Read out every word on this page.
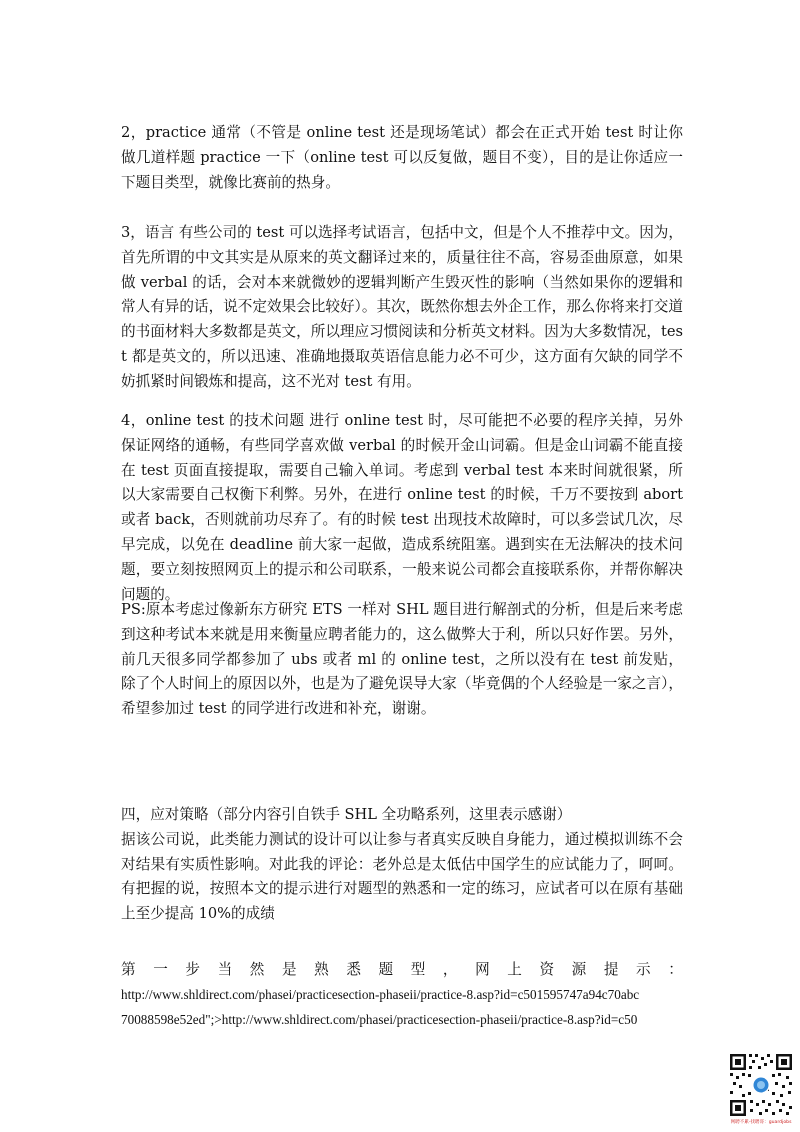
2，practice 通常（不管是 online test 还是现场笔试）都会在正式开始 test 时让你做几道样题 practice 一下（online test 可以反复做，题目不变），目的是让你适应一下题目类型，就像比赛前的热身。

3，语言 有些公司的 test 可以选择考试语言，包括中文，但是个人不推荐中文。因为，首先所谓的中文其实是从原来的英文翻译过来的，质量往往不高，容易歪曲原意，如果做 verbal 的话，会对本来就微妙的逻辑判断产生毁灭性的影响（当然如果你的逻辑和常人有异的话，说不定效果会比较好）。其次，既然你想去外企工作，那么你将来打交道的书面材料大多数都是英文，所以理应习惯阅读和分析英文材料。因为大多数情况，test 都是英文的，所以迅速、准确地摄取英语信息能力必不可少，这方面有欠缺的同学不妨抓紧时间锻炼和提高，这不光对 test 有用。

4，online test 的技术问题 进行 online test 时，尽可能把不必要的程序关掉，另外保证网络的通畅，有些同学喜欢做 verbal 的时候开金山词霸。但是金山词霸不能直接在 test 页面直接提取，需要自己输入单词。考虑到 verbal test 本来时间就很紧，所以大家需要自己权衡下利弊。另外，在进行 online test 的时候，千万不要按到 abort 或者 back，否则就前功尽弃了。有的时候 test 出现技术故障时，可以多尝试几次，尽早完成，以免在 deadline 前大家一起做，造成系统阻塞。遇到实在无法解决的技术问题，要立刻按照网页上的提示和公司联系，一般来说公司都会直接联系你，并帮你解决问题的。

PS:原本考虑过像新东方研究 ETS 一样对 SHL 题目进行解剖式的分析，但是后来考虑到这种考试本来就是用来衡量应聘者能力的，这么做弊大于利，所以只好作罢。另外，前几天很多同学都参加了 ubs 或者 ml 的 online test，之所以没有在 test 前发贴，除了个人时间上的原因以外，也是为了避免误导大家（毕竟偶的个人经验是一家之言），希望参加过 test 的同学进行改进和补充，谢谢。

四，应对策略（部分内容引自铁手 SHL 全功略系列，这里表示感谢）
据该公司说，此类能力测试的设计可以让参与者真实反映自身能力，通过模拟训练不会对结果有实质性影响。对此我的评论：老外总是太低估中国学生的应试能力了，呵呵。有把握的说，按照本文的提示进行对题型的熟悉和一定的练习，应试者可以在原有基础上至少提高 10%的成绩
第 一 步 当 然 是 熟 悉 题 型 ， 网 上 资 源 提 示 ：
http://www.shldirect.com/phasei/practicesection-phaseii/practice-8.asp?id=c501595747a94c70abc
70088598e52ed";>http://www.shldirect.com/phasei/practicesection-phaseii/practice-8.asp?id=c50
网聘不累·找聘哥：guardjobs
